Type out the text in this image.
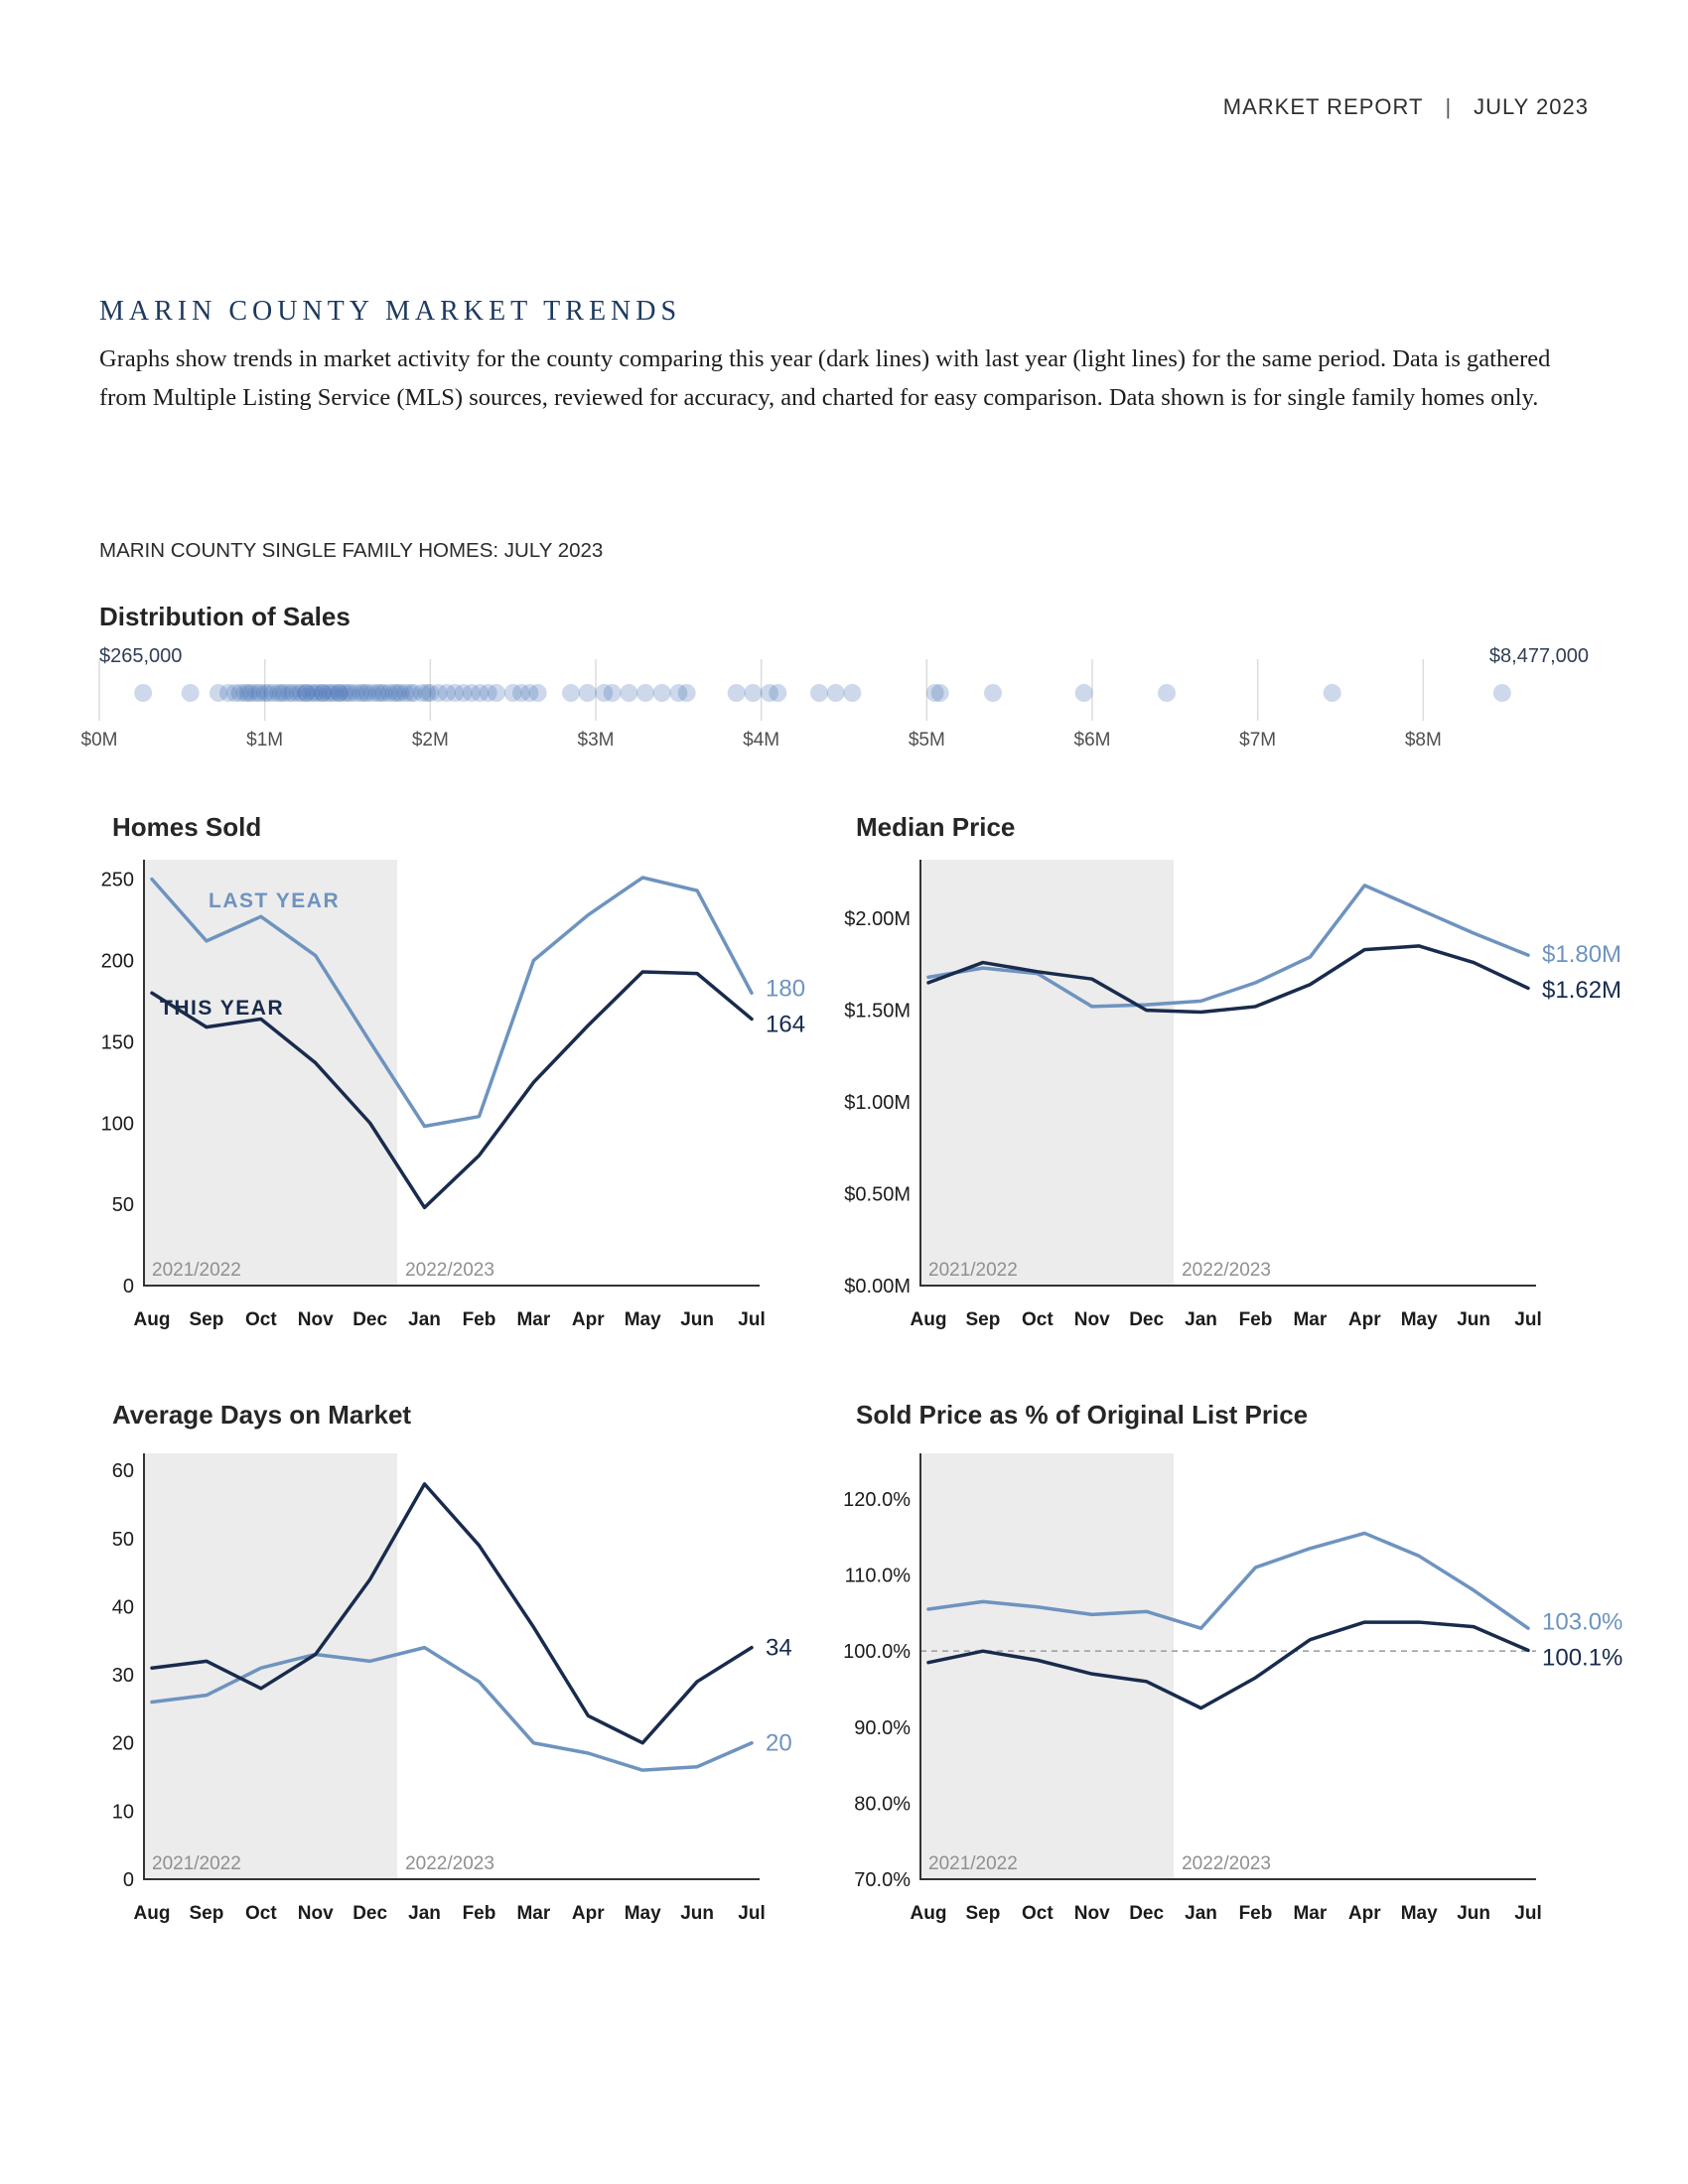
MARKET REPORT | JULY 2023
MARIN COUNTY MARKET TRENDS
Graphs show trends in market activity for the county comparing this year (dark lines) with last year (light lines) for the same period. Data is gathered from Multiple Listing Service (MLS) sources, reviewed for accuracy, and charted for easy comparison. Data shown is for single family homes only.
MARIN COUNTY SINGLE FAMILY HOMES: JULY 2023
Distribution of Sales
$265,000	$8,477,000
$0M	$1M	$2M	$3M	$4M	$5M	$6M	$7M	$8M
Homes Sold
0
50
100
150
200
250
Aug Sep Oct Nov Dec Jan Feb Mar Apr May Jun Jul
2021/2022	2022/2023
180
164
LAST YEAR
THIS YEAR
Median Price
$0.00M
$0.50M
$1.00M
$1.50M
$2.00M
Aug Sep Oct Nov Dec Jan Feb Mar Apr May Jun Jul
2021/2022	2022/2023
$1.80M
$1.62M
Average Days on Market
0
10
20
30
40
50
60
Aug Sep Oct Nov Dec Jan Feb Mar Apr May Jun Jul
2021/2022	2022/2023
34
20
Sold Price as % of Original List Price
70.0%
80.0%
90.0%
100.0%
110.0%
120.0%
Aug Sep Oct Nov Dec Jan Feb Mar Apr May Jun Jul
2021/2022	2022/2023
103.0%
100.1%
